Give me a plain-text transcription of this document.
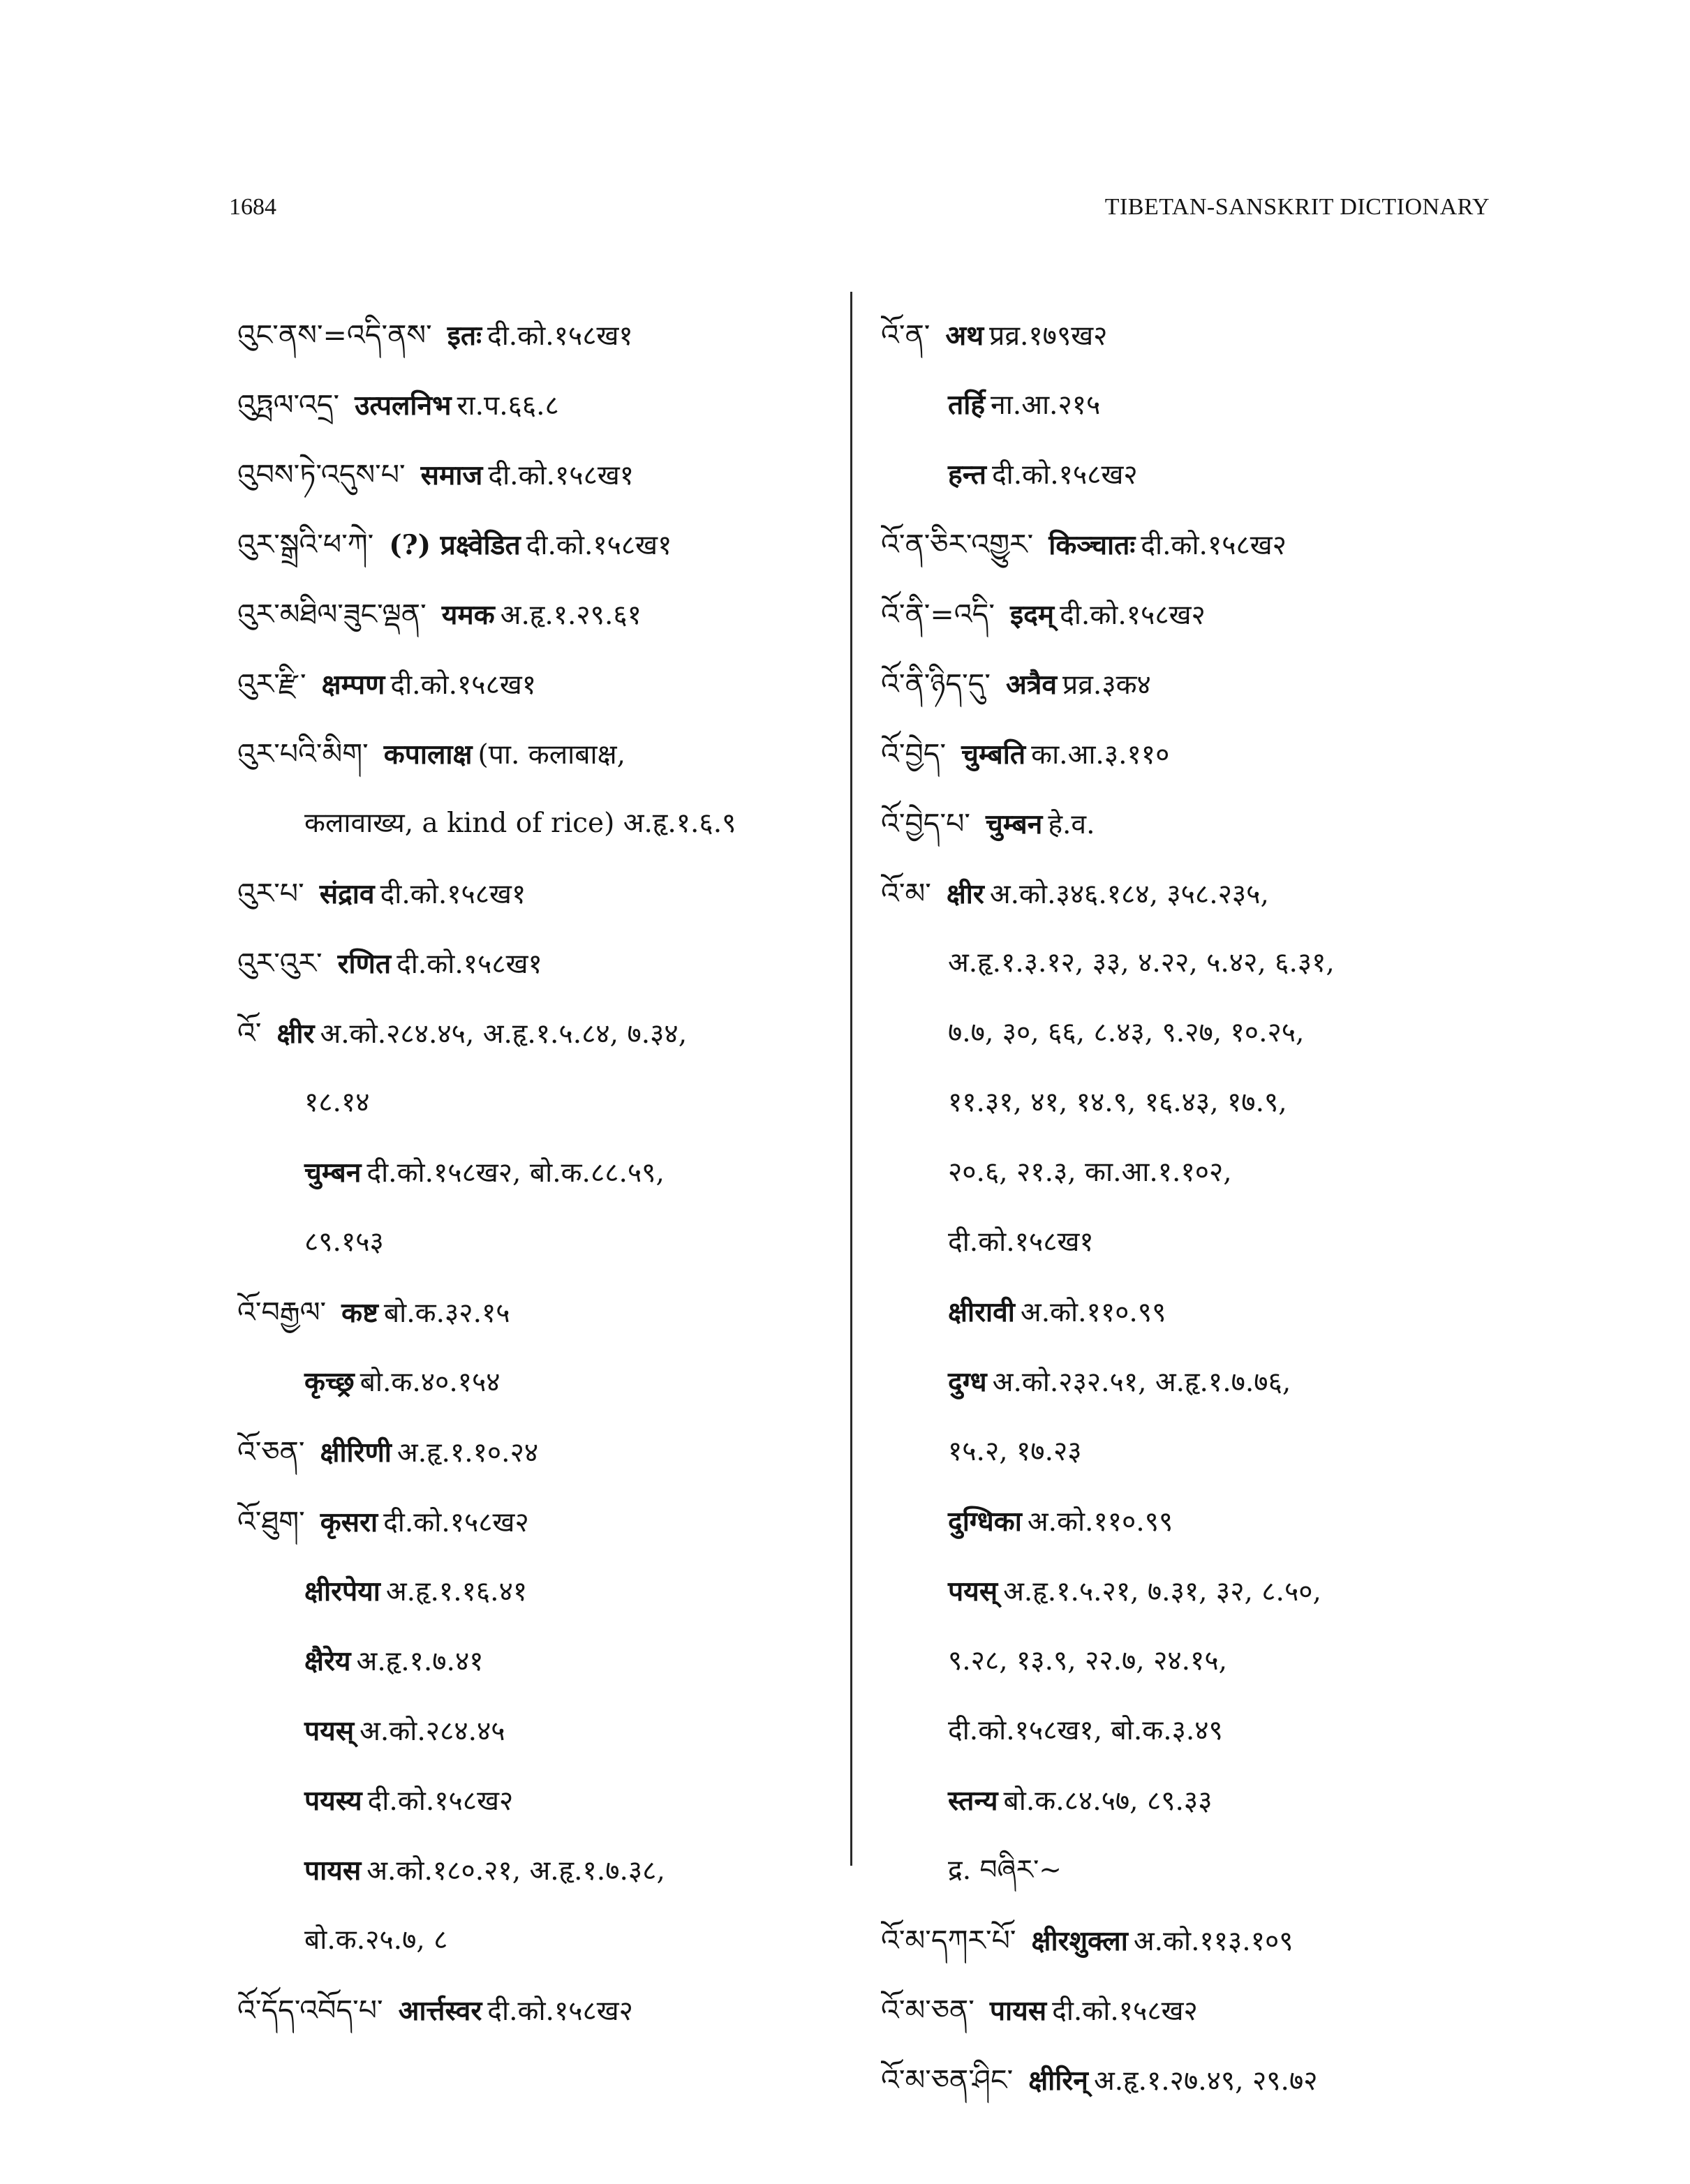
1684	TIBETAN-SANSKRIT DICTIONARY
འུང་ནས་=འདི་ནས་ इतः दी.को.१५८ख१
འུཏྤལ་འདྲ་ उत्पलनिभ रा.प.६६.८
འུབས་ཏེ་འདུས་པ་ समाज दी.को.१५८ख१
འུར་སྒྲའི་ཕ་ཀེ་ (?) प्रक्ष्वेडित दी.को.१५८ख१
འུར་མཐིལ་ཟུང་ལྡན་ यमक अ.हृ.१.२९.६१
འུར་རྫི་ क्षम्पण दी.को.१५८ख१
འུར་པའི་མིག་ कपालाक्ष (पा. कलाबाक्ष,
कलावाख्य, a kind of rice) अ.हृ.१.६.९
འུར་པ་ संद्राव दी.को.१५८ख१
འུར་འུར་ रणित दी.को.१५८ख१
འོ་ क्षीर अ.को.२८४.४५, अ.हृ.१.५.८४, ७.३४,
१८.१४
चुम्बन दी.को.१५८ख२, बो.क.८८.५९,
८९.१५३
འོ་བརྒྱལ་ कष्ट बो.क.३२.१५
कृच्छ्र बो.क.४०.१५४
འོ་ཅན་ क्षीरिणी अ.हृ.१.१०.२४
འོ་ཐུག་ कृसरा दी.को.१५८ख२
क्षीरपेया अ.हृ.१.१६.४१
क्षैरेय अ.हृ.१.७.४१
पयस् अ.को.२८४.४५
पयस्य दी.को.१५८ख२
पायस अ.को.१८०.२१, अ.हृ.१.७.३८,
बो.क.२५.७, ८
འོ་དོད་འབོད་པ་ आर्त्तस्वर दी.को.१५८ख२
འོ་ན་ अथ प्रव्र.१७९ख२
तर्हि ना.आ.२१५
हन्त दी.को.१५८ख२
འོ་ན་ཅིར་འགྱུར་ किञ्चातः दी.को.१५८ख२
འོ་ནི་=འདི་ इदम् दी.को.१५८ख२
འོ་ནི་ཉིད་དུ་ अत्रैव प्रव्र.३क४
འོ་བྱེད་ चुम्बति का.आ.३.११०
འོ་བྱེད་པ་ चुम्बन हे.व.
འོ་མ་ क्षीर अ.को.३४६.१८४, ३५८.२३५,
अ.हृ.१.३.१२, ३३, ४.२२, ५.४२, ६.३१,
७.७, ३०, ६६, ८.४३, ९.२७, १०.२५,
११.३१, ४१, १४.९, १६.४३, १७.९,
२०.६, २१.३, का.आ.१.१०२,
दी.को.१५८ख१
क्षीरावी अ.को.११०.९९
दुग्ध अ.को.२३२.५१, अ.हृ.१.७.७६,
१५.२, १७.२३
दुग्धिका अ.को.११०.९९
पयस् अ.हृ.१.५.२१, ७.३१, ३२, ८.५०,
९.२८, १३.९, २२.७, २४.१५,
दी.को.१५८ख१, बो.क.३.४९
स्तन्य बो.क.८४.५७, ८९.३३
द्र. བཞིར་~
འོ་མ་དཀར་པོ་ क्षीरशुक्ला अ.को.११३.१०९
འོ་མ་ཅན་ पायस दी.को.१५८ख२
འོ་མ་ཅན་ཤིང་ क्षीरिन् अ.हृ.१.२७.४९, २९.७२
